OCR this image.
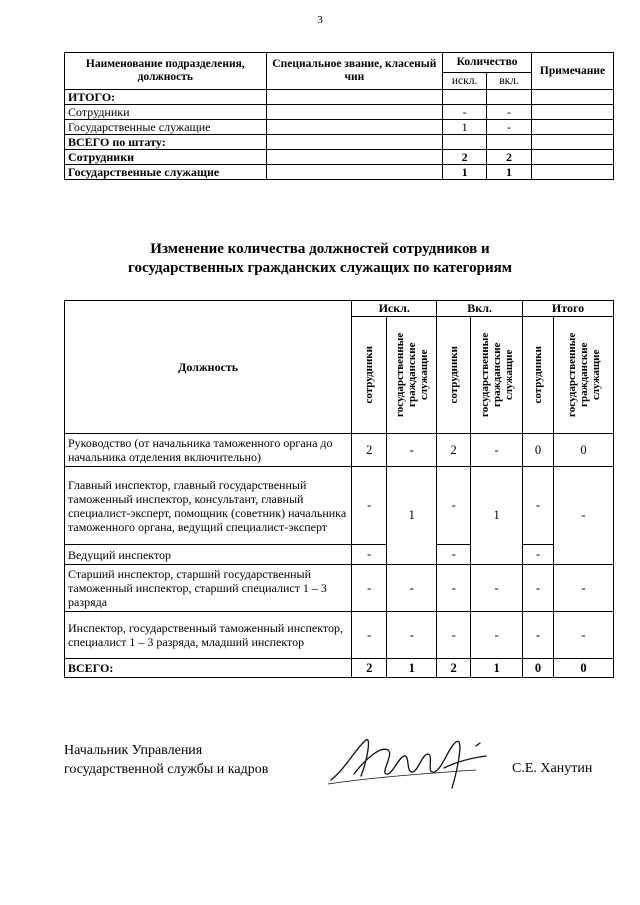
3
Наименование подразделения, должность	Специальное звание, класеный чин	Количество		Примечание
		искл.	вкл.	
ИТОГО:				
Сотрудники		-	-	
Государственные служащие		1	-	
ВСЕГО по штату:				
Сотрудники		2	2	
Государственные служащие		1	1	
Изменение количества должностей сотрудников и
государственных гражданских служащих по категориям
Должность	Искл.		Вкл.		Итого	

	сотрудники	государственные гражданские служащие	сотрудники	государственные гражданские служащие	сотрудники	государственные гражданские служащие

Руководство (от начальника таможенного органа до начальника отделения включительно)	2	-	2	-	0	0
Главный инспектор, главный государственный таможенный инспектор, консультант, главный специалист-эксперт, помощник (советник) начальника таможенного органа, ведущий специалист-эксперт	-	1	-	1	-	-
Ведущий инспектор	-		-		-	
Старший инспектор, старший государственный таможенный инспектор, старший специалист 1 – 3 разряда	-	-	-	-	-	-
Инспектор, государственный таможенный инспектор, специалист 1 – 3 разряда, младший инспектор	-	-	-	-	-	-
ВСЕГО:	2	1	2	1	0	0
Начальник Управления
государственной службы и кадров	С.Е. Ханутин
